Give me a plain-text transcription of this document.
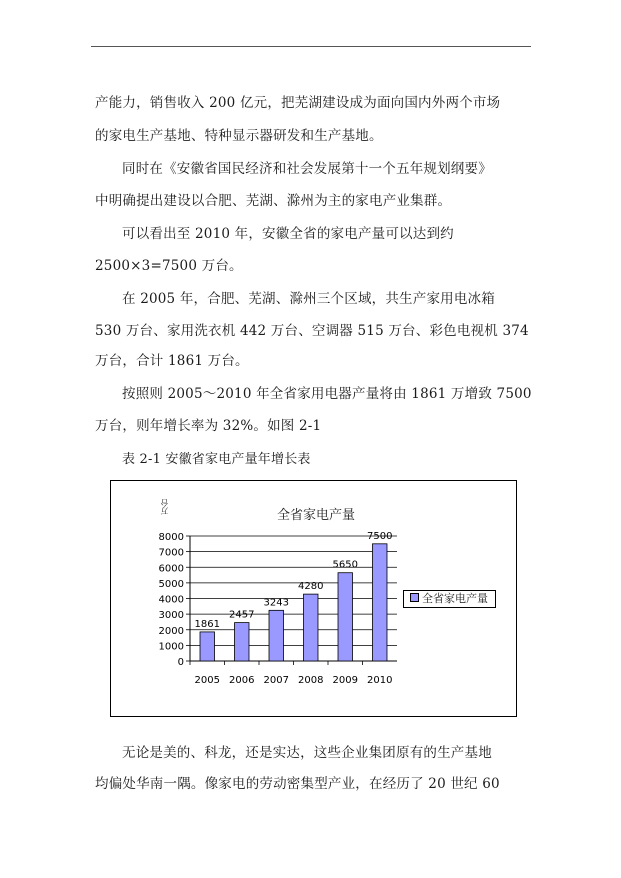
产能力，销售收入 200 亿元，把芜湖建设成为面向国内外两个市场
的家电生产基地、特种显示器研发和生产基地。
同时在《安徽省国民经济和社会发展第十一个五年规划纲要》
中明确提出建设以合肥、芜湖、滁州为主的家电产业集群。
可以看出至 2010 年，安徽全省的家电产量可以达到约
2500×3=7500 万台。
在 2005 年，合肥、芜湖、滁州三个区域，共生产家用电冰箱
530 万台、家用洗衣机 442 万台、空调器 515 万台、彩色电视机 374
万台，合计 1861 万台。
按照则 2005～2010 年全省家用电器产量将由 1861 万增致 7500
万台，则年增长率为 32%。如图 2-1
表 2-1 安徽省家电产量年增长表
万台
全省家电产量
0
1000
2000
3000
4000
5000
6000
7000
8000
1861
2005
2457
2006
3243
2007
4280
2008
5650
2009
7500
2010
全省家电产量
无论是美的、科龙，还是实达，这些企业集团原有的生产基地
均偏处华南一隅。像家电的劳动密集型产业，在经历了 20 世纪 60
